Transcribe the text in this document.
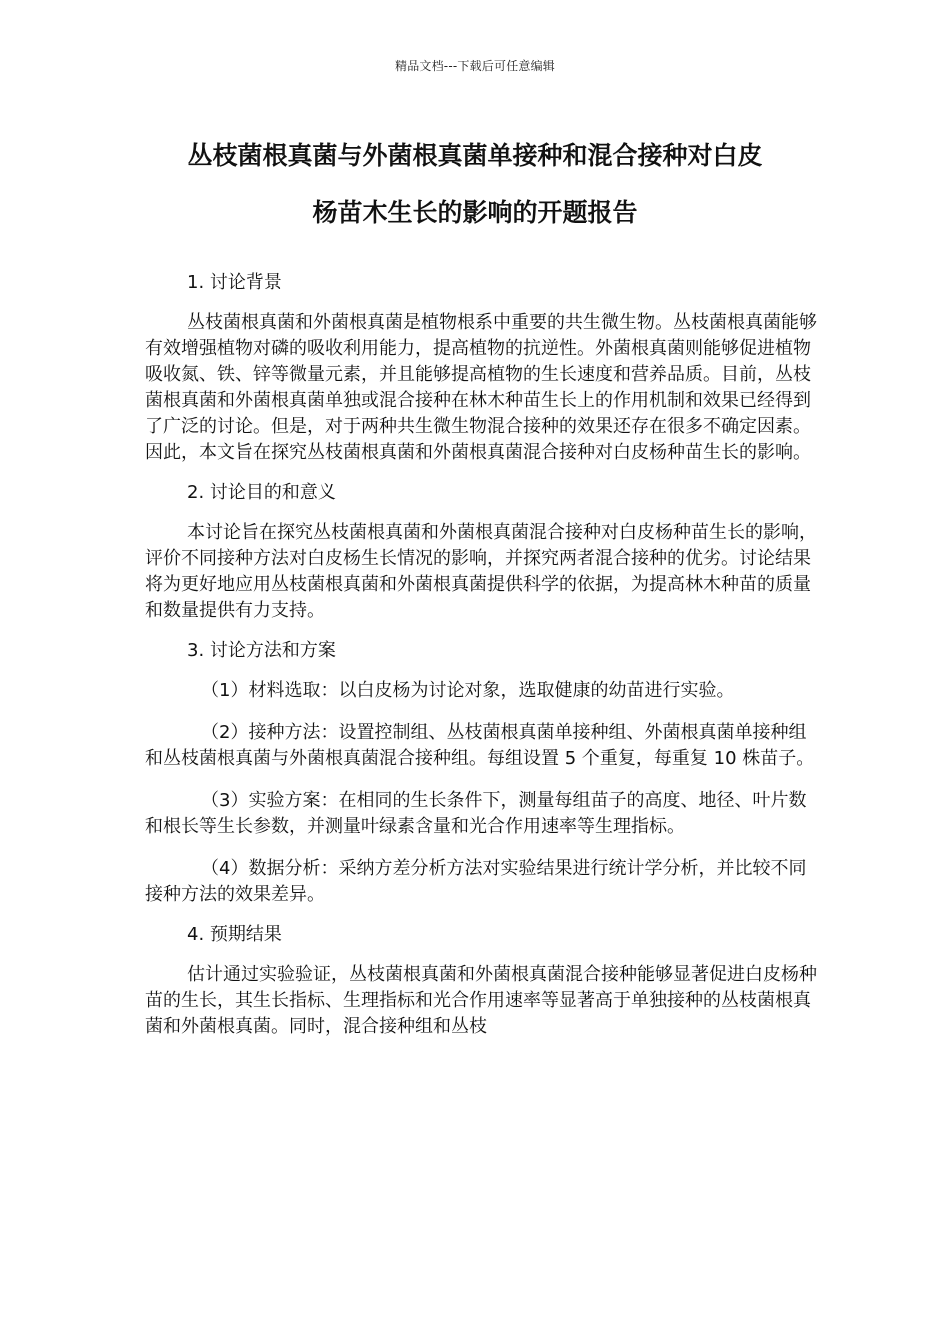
精品文档---下载后可任意编辑
丛枝菌根真菌与外菌根真菌单接种和混合接种对白皮
杨苗木生长的影响的开题报告

1. 讨论背景

丛枝菌根真菌和外菌根真菌是植物根系中重要的共生微生物。丛枝菌根真菌能够有效增强植物对磷的吸收利用能力，提高植物的抗逆性。外菌根真菌则能够促进植物吸收氮、铁、锌等微量元素，并且能够提高植物的生长速度和营养品质。目前，丛枝菌根真菌和外菌根真菌单独或混合接种在林木种苗生长上的作用机制和效果已经得到了广泛的讨论。但是，对于两种共生微生物混合接种的效果还存在很多不确定因素。因此，本文旨在探究丛枝菌根真菌和外菌根真菌混合接种对白皮杨种苗生长的影响。

2. 讨论目的和意义

本讨论旨在探究丛枝菌根真菌和外菌根真菌混合接种对白皮杨种苗生长的影响，评价不同接种方法对白皮杨生长情况的影响，并探究两者混合接种的优劣。讨论结果将为更好地应用丛枝菌根真菌和外菌根真菌提供科学的依据，为提高林木种苗的质量和数量提供有力支持。

3. 讨论方法和方案

（1）材料选取：以白皮杨为讨论对象，选取健康的幼苗进行实验。

（2）接种方法：设置控制组、丛枝菌根真菌单接种组、外菌根真菌单接种组和丛枝菌根真菌与外菌根真菌混合接种组。每组设置 5 个重复，每重复 10 株苗子。

（3）实验方案：在相同的生长条件下，测量每组苗子的高度、地径、叶片数和根长等生长参数，并测量叶绿素含量和光合作用速率等生理指标。

（4）数据分析：采纳方差分析方法对实验结果进行统计学分析，并比较不同接种方法的效果差异。

4. 预期结果

估计通过实验验证，丛枝菌根真菌和外菌根真菌混合接种能够显著促进白皮杨种苗的生长，其生长指标、生理指标和光合作用速率等显著高于单独接种的丛枝菌根真菌和外菌根真菌。同时，混合接种组和丛枝
